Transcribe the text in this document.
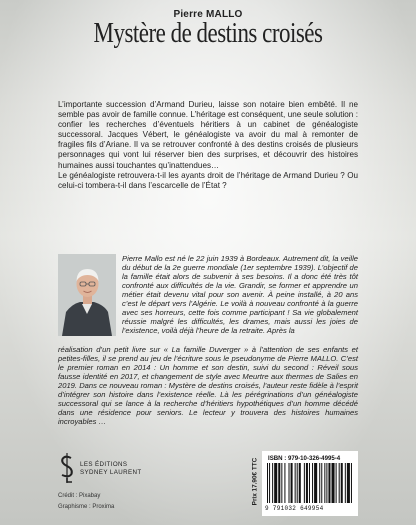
Pierre MALLO
Mystère de destins croisés

L’importante succession d’Armand Durieu, laisse son notaire bien embêté. Il ne semble pas avoir de famille connue. L’héritage est conséquent, une seule solution : confier les recherches d’éventuels héritiers à un cabinet de généalogiste successoral. Jacques Vébert, le généalogiste va avoir du mal à remonter de fragiles fils d’Ariane. Il va se retrouver confronté à des destins croisés de plusieurs personnages qui vont lui réserver bien des surprises, et découvrir des histoires humaines aussi touchantes qu’inattendues…

Le généalogiste retrouvera-t-il les ayants droit de l’héritage de Armand Durieu ? Ou celui-ci tombera-t-il dans l’escarcelle de l’État ?

Pierre Mallo est né le 22 juin 1939 à Bordeaux. Autrement dit, la veille du début de la 2e guerre mondiale (1er septembre 1939). L’objectif de la famille était alors de subvenir à ses besoins. Il a donc été très tôt confronté aux difficultés de la vie. Grandir, se former et apprendre un métier était devenu vital pour son avenir. À peine installé, à 20 ans c’est le départ vers l’Algérie. Le voilà à nouveau confronté à la guerre avec ses horreurs, cette fois comme participant ! Sa vie globalement réussie malgré les difficultés, les drames, mais aussi les joies de l’existence, voilà déjà l’heure de la retraite. Après la
réalisation d’un petit livre sur « La famille Duverger » à l’attention de ses enfants et petites-filles, il se prend au jeu de l’écriture sous le pseudonyme de Pierre MALLO. C’est le premier roman en 2014 : Un homme et son destin, suivi du second : Réveil sous fausse identité en 2017, et changement de style avec Meurtre aux thermes de Salies en 2019. Dans ce nouveau roman : Mystère de destins croisés, l’auteur reste fidèle à l’esprit d’intégrer son histoire dans l’existence réelle. Là les pérégrinations d’un généalogiste successoral qui se lance à la recherche d’héritiers hypothétiques d’un homme décédé dans une résidence pour seniors. Le lecteur y trouvera des histoires humaines incroyables …
LES ÉDITIONS
SYDNEY LAURENT
Crédit : Pixabay
Graphisme : Proxima
Prix 17.90€ TTC ISBN : 979-10-326-4995-4
9 791032 649954
